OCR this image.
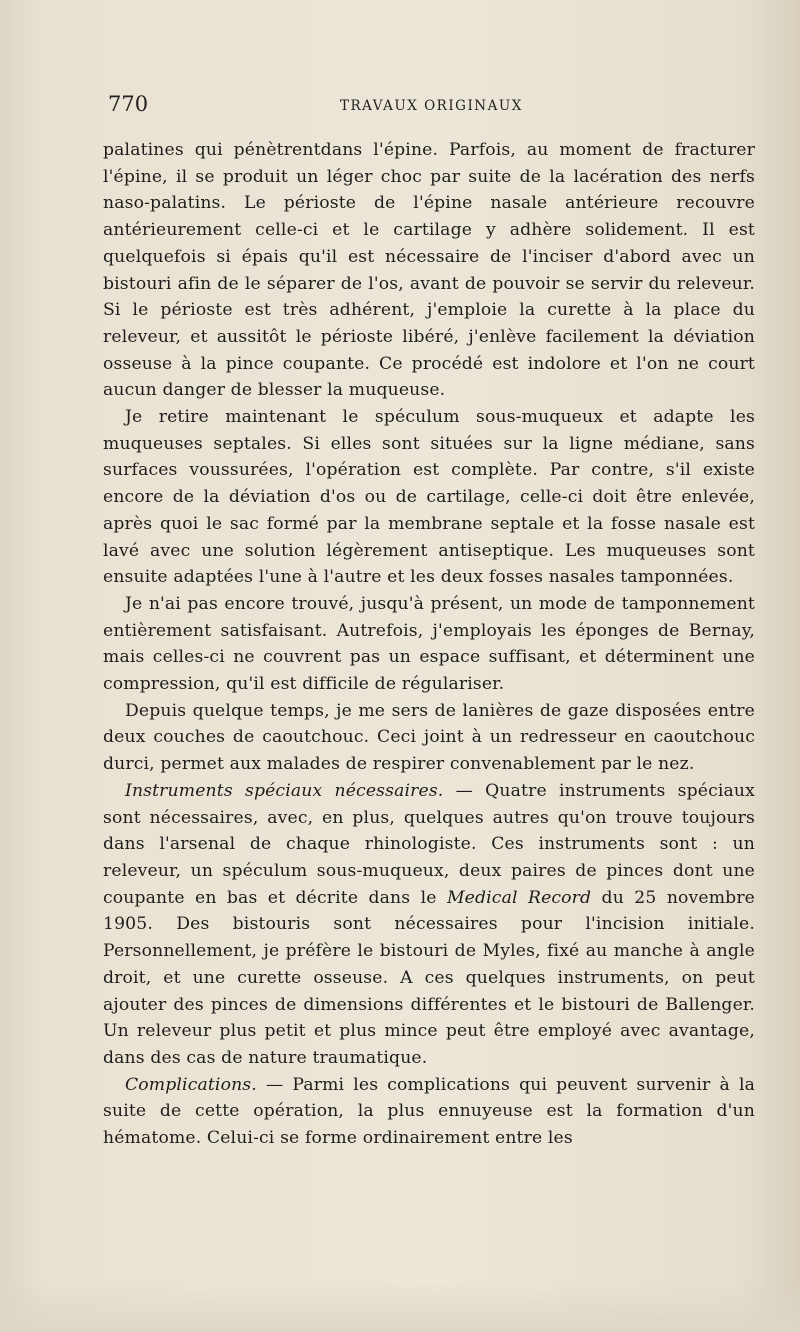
770	TRAVAUX ORIGINAUX

palatines qui pénètrentdans l'épine. Parfois, au moment de fracturer l'épine, il se produit un léger choc par suite de la lacération des nerfs naso-palatins. Le périoste de l'épine nasale antérieure recouvre antérieurement celle-ci et le cartilage y adhère solidement. Il est quelquefois si épais qu'il est nécessaire de l'inciser d'abord avec un bistouri afin de le séparer de l'os, avant de pouvoir se servir du releveur. Si le périoste est très adhérent, j'emploie la curette à la place du releveur, et aussitôt le périoste libéré, j'enlève facilement la déviation osseuse à la pince coupante. Ce procédé est indolore et l'on ne court aucun danger de blesser la muqueuse.

Je retire maintenant le spéculum sous-muqueux et adapte les muqueuses septales. Si elles sont situées sur la ligne médiane, sans surfaces voussurées, l'opération est complète. Par contre, s'il existe encore de la déviation d'os ou de cartilage, celle-ci doit être enlevée, après quoi le sac formé par la membrane septale et la fosse nasale est lavé avec une solution légèrement antiseptique. Les muqueuses sont ensuite adaptées l'une à l'autre et les deux fosses nasales tamponnées.

Je n'ai pas encore trouvé, jusqu'à présent, un mode de tamponnement entièrement satisfaisant. Autrefois, j'employais les éponges de Bernay, mais celles-ci ne couvrent pas un espace suffisant, et déterminent une compression, qu'il est difficile de régulariser.

Depuis quelque temps, je me sers de lanières de gaze disposées entre deux couches de caoutchouc. Ceci joint à un redresseur en caoutchouc durci, permet aux malades de respirer convenablement par le nez.

Instruments spéciaux nécessaires. — Quatre instruments spéciaux sont nécessaires, avec, en plus, quelques autres qu'on trouve toujours dans l'arsenal de chaque rhinologiste. Ces instruments sont : un releveur, un spéculum sous-muqueux, deux paires de pinces dont une coupante en bas et décrite dans le Medical Record du 25 novembre 1905. Des bistouris sont nécessaires pour l'incision initiale. Personnellement, je préfère le bistouri de Myles, fixé au manche à angle droit, et une curette osseuse. A ces quelques instruments, on peut ajouter des pinces de dimensions différentes et le bistouri de Ballenger. Un releveur plus petit et plus mince peut être employé avec avantage, dans des cas de nature traumatique.

Complications. — Parmi les complications qui peuvent survenir à la suite de cette opération, la plus ennuyeuse est la formation d'un hématome. Celui-ci se forme ordinairement entre les
